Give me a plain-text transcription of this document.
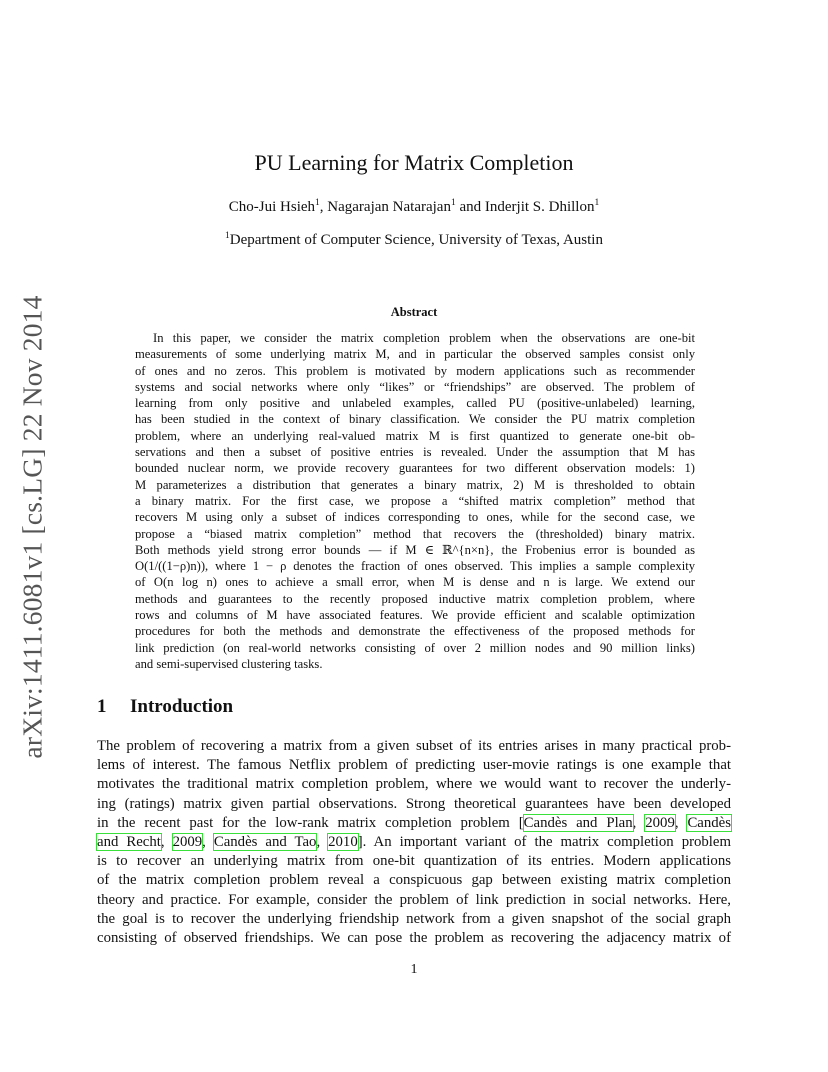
arXiv:1411.6081v1 [cs.LG] 22 Nov 2014
PU Learning for Matrix Completion
Cho-Jui Hsieh$^1$, Nagarajan Natarajan$^1$ and Inderjit S. Dhillon$^1$
$^1$Department of Computer Science, University of Texas, Austin
Abstract
In this paper, we consider the matrix completion problem when the observations are one-bit
measurements of some underlying matrix M, and in particular the observed samples consist only
of ones and no zeros. This problem is motivated by modern applications such as recommender
systems and social networks where only “likes” or “friendships” are observed. The problem of
learning from only positive and unlabeled examples, called PU (positive-unlabeled) learning,
has been studied in the context of binary classification. We consider the PU matrix completion
problem, where an underlying real-valued matrix M is first quantized to generate one-bit ob-
servations and then a subset of positive entries is revealed. Under the assumption that M has
bounded nuclear norm, we provide recovery guarantees for two different observation models: 1)
M parameterizes a distribution that generates a binary matrix, 2) M is thresholded to obtain
a binary matrix. For the first case, we propose a “shifted matrix completion” method that
recovers M using only a subset of indices corresponding to ones, while for the second case, we
propose a “biased matrix completion” method that recovers the (thresholded) binary matrix.
Both methods yield strong error bounds — if M ∈ ℝ^{n×n}, the Frobenius error is bounded as
O(1/((1−ρ)n)), where 1 − ρ denotes the fraction of ones observed. This implies a sample complexity
of O(n log n) ones to achieve a small error, when M is dense and n is large. We extend our
methods and guarantees to the recently proposed inductive matrix completion problem, where
rows and columns of M have associated features. We provide efficient and scalable optimization
procedures for both the methods and demonstrate the effectiveness of the proposed methods for
link prediction (on real-world networks consisting of over 2 million nodes and 90 million links)
and semi-supervised clustering tasks.
1 Introduction
The problem of recovering a matrix from a given subset of its entries arises in many practical prob-
lems of interest. The famous Netflix problem of predicting user-movie ratings is one example that
motivates the traditional matrix completion problem, where we would want to recover the underly-
ing (ratings) matrix given partial observations. Strong theoretical guarantees have been developed
in the recent past for the low-rank matrix completion problem [Candès and Plan, 2009, Candès
and Recht, 2009, Candès and Tao, 2010]. An important variant of the matrix completion problem
is to recover an underlying matrix from one-bit quantization of its entries. Modern applications
of the matrix completion problem reveal a conspicuous gap between existing matrix completion
theory and practice. For example, consider the problem of link prediction in social networks. Here,
the goal is to recover the underlying friendship network from a given snapshot of the social graph
consisting of observed friendships. We can pose the problem as recovering the adjacency matrix of
1
